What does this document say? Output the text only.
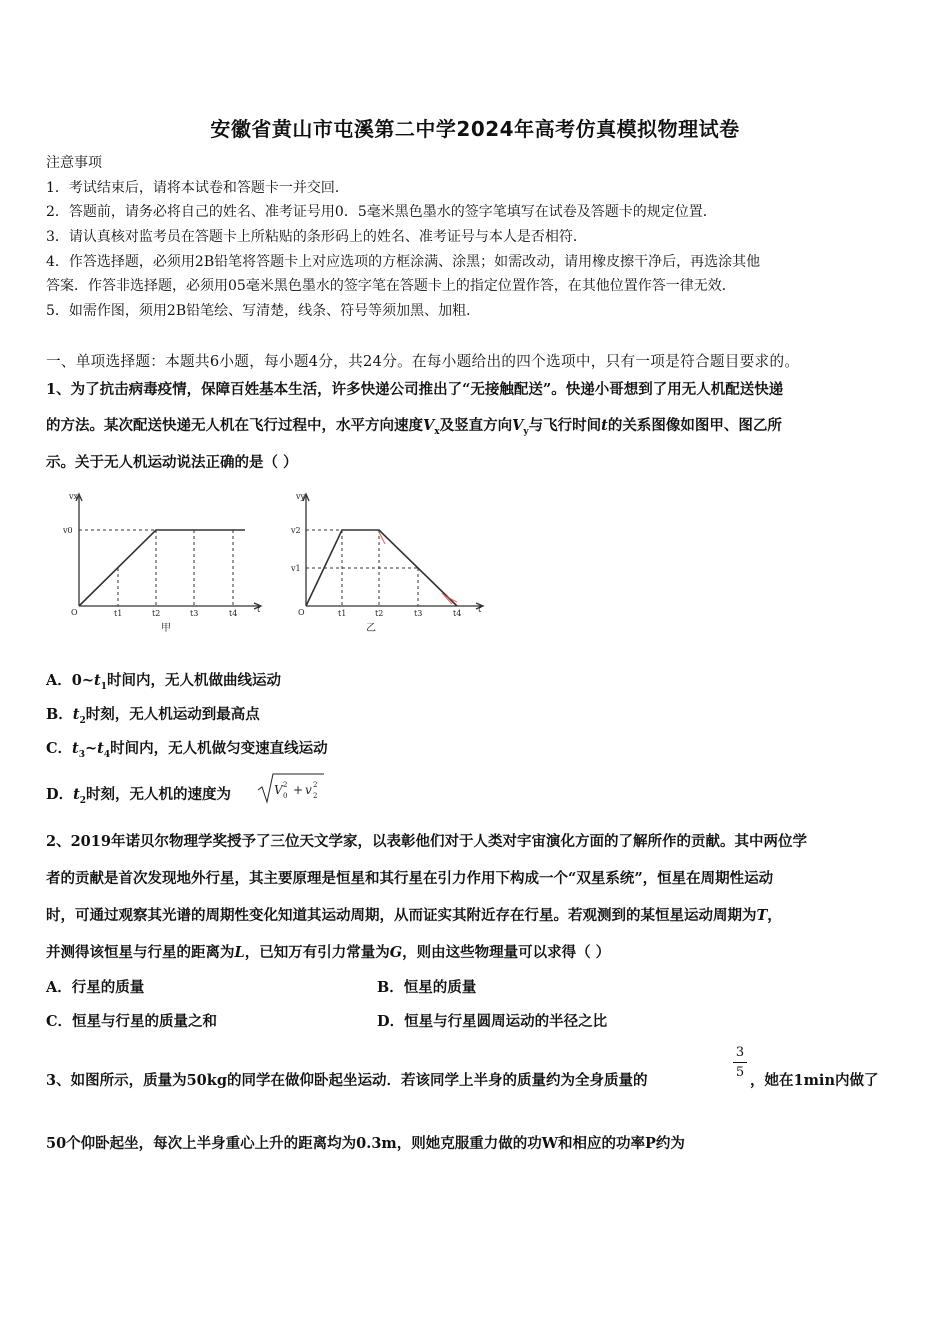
安徽省黄山市屯溪第二中学2024年高考仿真模拟物理试卷
注意事项
1．考试结束后，请将本试卷和答题卡一并交回．
2．答题前，请务必将自己的姓名、准考证号用0．5毫米黑色墨水的签字笔填写在试卷及答题卡的规定位置．
3．请认真核对监考员在答题卡上所粘贴的条形码上的姓名、准考证号与本人是否相符．
4．作答选择题，必须用2B铅笔将答题卡上对应选项的方框涂满、涂黑；如需改动，请用橡皮擦干净后，再选涂其他
答案．作答非选择题，必须用05毫米黑色墨水的签字笔在答题卡上的指定位置作答，在其他位置作答一律无效．
5．如需作图，须用2B铅笔绘、写清楚，线条、符号等须加黑、加粗．
一、单项选择题：本题共6小题，每小题4分，共24分。在每小题给出的四个选项中，只有一项是符合题目要求的。
1、为了抗击病毒疫情，保障百姓基本生活，许多快递公司推出了“无接触配送”。快递小哥想到了用无人机配送快递
的方法。某次配送快递无人机在飞行过程中，水平方向速度$V_x$及竖直方向$V_y$与飞行时间t的关系图像如图甲、图乙所
示。关于无人机运动说法正确的是（ ）
vx
v0
O	t
t1	t2	t3	t4
甲
vy
v2
v1
O	t
t1	t2	t3	t4
乙
A．$0\sim t_1$时间内，无人机做曲线运动
B．$t_2$时刻，无人机运动到最高点
C．$t_3\sim t_4$时间内，无人机做匀变速直线运动
D．$t_2$时刻，无人机的速度为	V 0
2 + v 2
2
2、2019年诺贝尔物理学奖授予了三位天文学家，以表彰他们对于人类对宇宙演化方面的了解所作的贡献。其中两位学
者的贡献是首次发现地外行星，其主要原理是恒星和其行星在引力作用下构成一个“双星系统”，恒星在周期性运动
时，可通过观察其光谱的周期性变化知道其运动周期，从而证实其附近存在行星。若观测到的某恒星运动周期为T，
并测得该恒星与行星的距离为L，已知万有引力常量为G，则由这些物理量可以求得（ ）
A．行星的质量	B．恒星的质量
C．恒星与行星的质量之和	D．恒星与行星圆周运动的半径之比
3、如图所示，质量为50kg的同学在做仰卧起坐运动．若该同学上半身的质量约为全身质量的
3
5 ，她在1min内做了
50个仰卧起坐，每次上半身重心上升的距离均为0.3m，则她克服重力做的功W和相应的功率P约为
